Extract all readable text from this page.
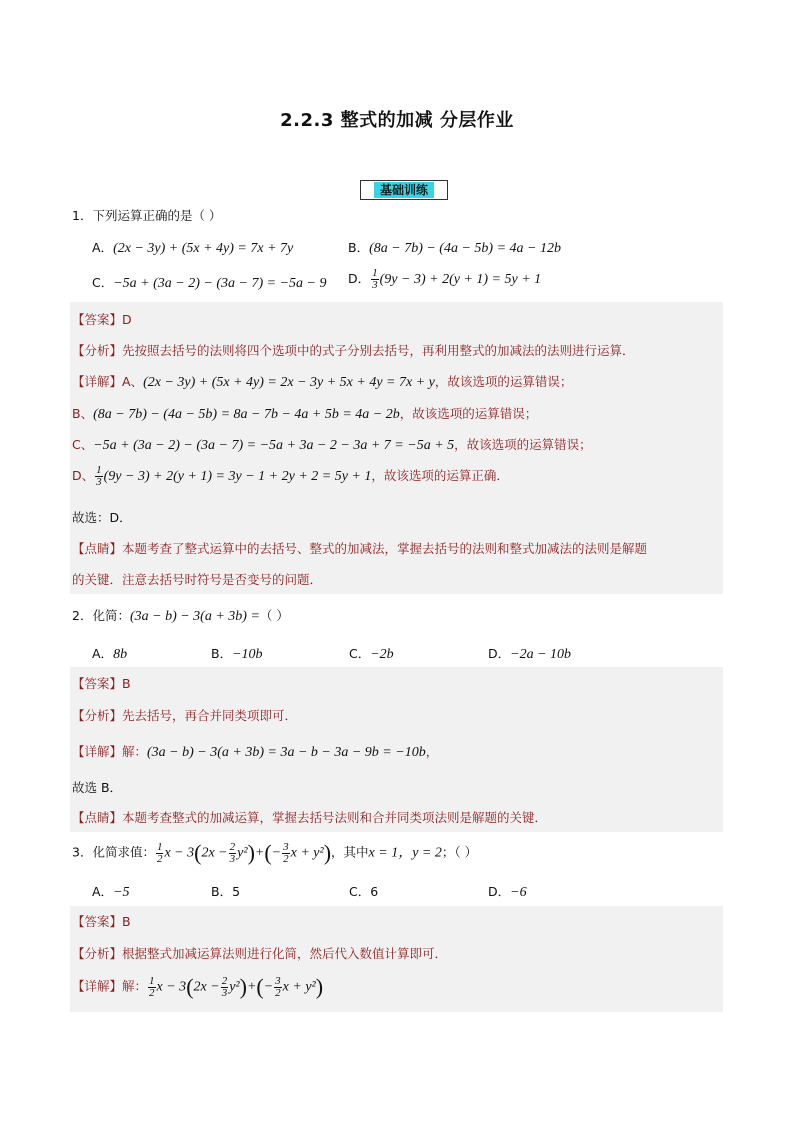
2.2.3 整式的加减 分层作业
基础训练
1．下列运算正确的是（ ）
A．(2x − 3y) + (5x + 4y) = 7x + 7y	B．(8a − 7b) − (4a − 5b) = 4a − 12b
C．−5a + (3a − 2) − (3a − 7) = −5a − 9 D． $\frac{1}{3} (9y - 3) + 2(y + 1) = 5y + 1$
【答案】D
【分析】先按照去括号的法则将四个选项中的式子分别去括号，再利用整式的加减法的法则进行运算．
【详解】A、(2x − 3y) + (5x + 4y) = 2x − 3y + 5x + 4y = 7x + y，故该选项的运算错误；
B、(8a − 7b) − (4a − 5b) = 8a − 7b − 4a + 5b = 4a − 2b，故该选项的运算错误；
C、−5a + (3a − 2) − (3a − 7) = −5a + 3a − 2 − 3a + 7 = −5a + 5，故该选项的运算错误；
D、 $\frac{1}{3} (9y - 3) + 2(y + 1) = 3y - 1 + 2y + 2 = 5y + 1$，故该选项的运算正确．
故选：D．
【点睛】本题考查了整式运算中的去括号、整式的加减法，掌握去括号的法则和整式加减法的法则是解题
的关键．注意去括号时符号是否变号的问题．
2．化简：(3a − b) − 3(a + 3b) =（ ）
A．8b	B．−10b	C．−2b	D．−2a − 10b
【答案】B
【分析】先去括号，再合并同类项即可．
【详解】解：(3a − b) − 3(a + 3b) = 3a − b − 3a − 9b = −10b，
故选 B．
【点睛】本题考查整式的加减运算，掌握去括号法则和合并同类项法则是解题的关键．
3．化简求值： $\frac{1}{2}$ $x - 3(2x - \frac{2}{3} y^2)+(- \frac{3}{2}$ x + y²)，其中x = 1，y = 2；（ ）
A．−5	B．5	C．6	D．−6
【答案】B
【分析】根据整式加减运算法则进行化简，然后代入数值计算即可．
【详解】解： $\frac{1}{2}$ $x - 3(2x - \frac{2}{3} y^2)+(- \frac{3}{2}$ x + y²)
